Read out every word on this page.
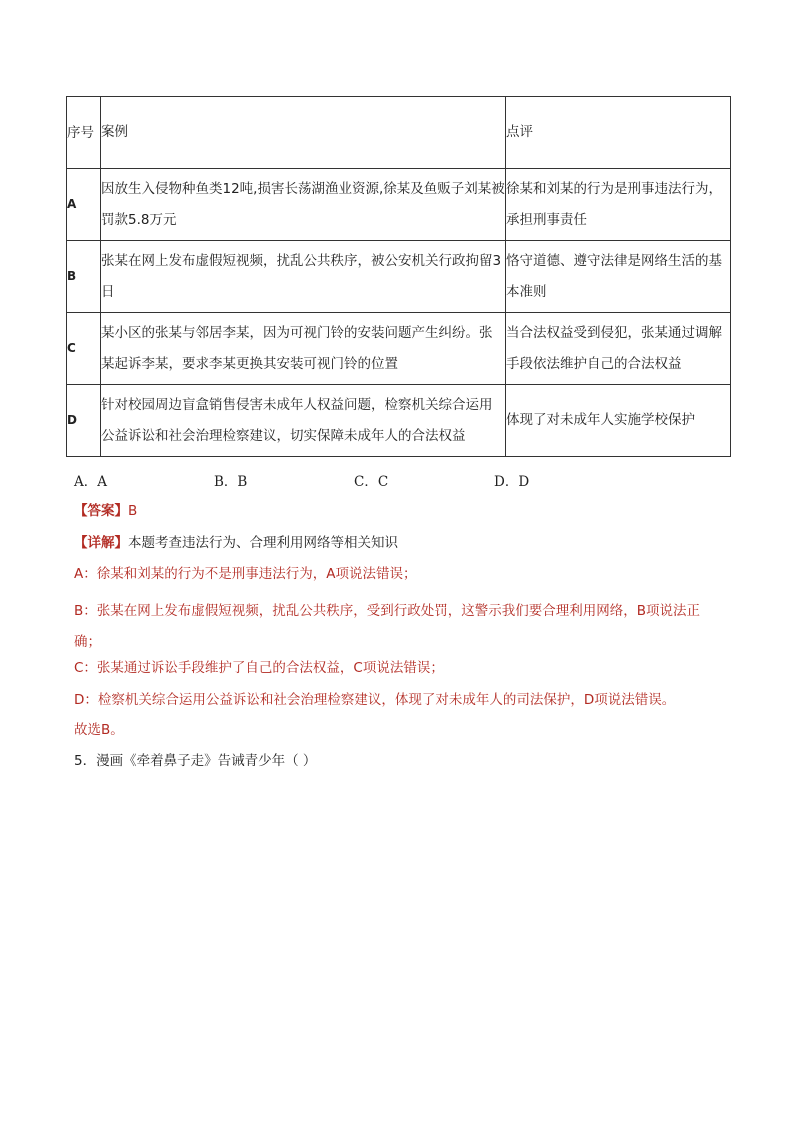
序号	案例	点评
A	因放生入侵物种鱼类12吨,损害长荡湖渔业资源,徐某及鱼贩子刘某被罚款5.8万元	徐某和刘某的行为是刑事违法行为，承担刑事责任
B	张某在网上发布虚假短视频，扰乱公共秩序，被公安机关行政拘留3日	恪守道德、遵守法律是网络生活的基本准则
C	某小区的张某与邻居李某，因为可视门铃的安装问题产生纠纷。张某起诉李某，要求李某更换其安装可视门铃的位置	当合法权益受到侵犯，张某通过调解手段依法维护自己的合法权益
D	针对校园周边盲盒销售侵害未成年人权益问题，检察机关综合运用公益诉讼和社会治理检察建议，切实保障未成年人的合法权益	体现了对未成年人实施学校保护
A．A	B．B	C．C	D．D
【答案】B
【详解】本题考查违法行为、合理利用网络等相关知识
A：徐某和刘某的行为不是刑事违法行为，A项说法错误；
B：张某在网上发布虚假短视频，扰乱公共秩序，受到行政处罚，这警示我们要合理利用网络，B项说法正确；
C：张某通过诉讼手段维护了自己的合法权益，C项说法错误；
D：检察机关综合运用公益诉讼和社会治理检察建议，体现了对未成年人的司法保护，D项说法错误。
故选B。
5．漫画《牵着鼻子走》告诫青少年（ ）
